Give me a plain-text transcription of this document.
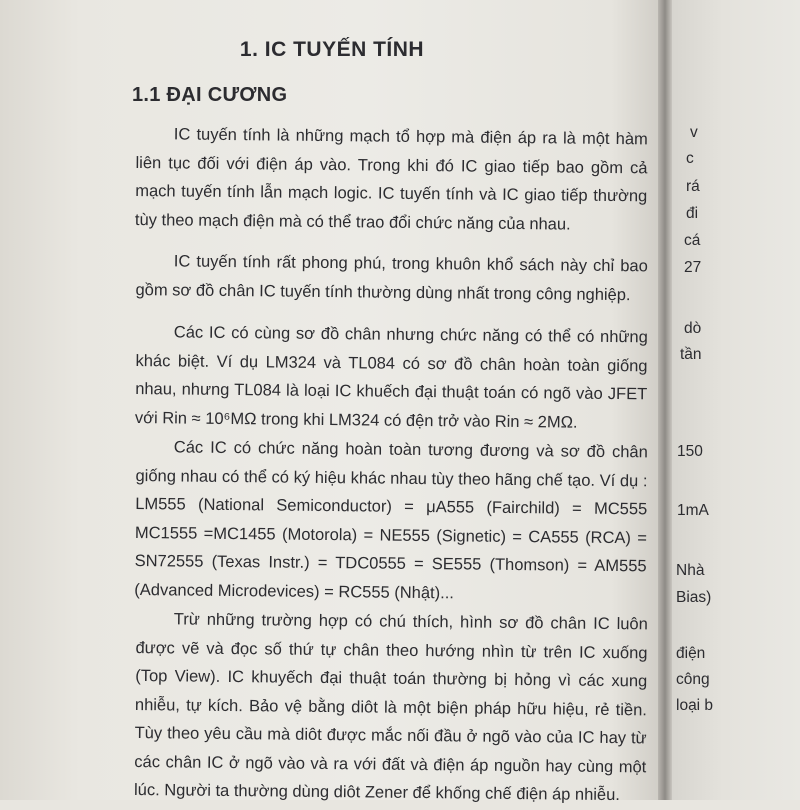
1. IC TUYẾN TÍNH
1.1 ĐẠI CƯƠNG

IC tuyến tính là những mạch tổ hợp mà điện áp ra là một hàm liên tục đối với điện áp vào. Trong khi đó IC giao tiếp bao gồm cả mạch tuyến tính lẫn mạch logic. IC tuyến tính và IC giao tiếp thường tùy theo mạch điện mà có thể trao đổi chức năng của nhau.

IC tuyến tính rất phong phú, trong khuôn khổ sách này chỉ bao gồm sơ đồ chân IC tuyến tính thường dùng nhất trong công nghiệp.

Các IC có cùng sơ đồ chân nhưng chức năng có thể có những khác biệt. Ví dụ LM324 và TL084 có sơ đồ chân hoàn toàn giống nhau, nhưng TL084 là loại IC khuếch đại thuật toán có ngõ vào JFET với Rin ≈ 10⁶MΩ trong khi LM324 có đện trở vào Rin ≈ 2MΩ.

Các IC có chức năng hoàn toàn tương đương và sơ đồ chân giống nhau có thể có ký hiệu khác nhau tùy theo hãng chế tạo. Ví dụ : LM555 (National Semiconductor) = μA555 (Fairchild) = MC555 MC1555 =MC1455 (Motorola) = NE555 (Signetic) = CA555 (RCA) = SN72555 (Texas Instr.) = TDC0555 = SE555 (Thomson) = AM555 (Advanced Microdevices) = RC555 (Nhật)...

Trừ những trường hợp có chú thích, hình sơ đồ chân IC luôn được vẽ và đọc số thứ tự chân theo hướng nhìn từ trên IC xuống (Top View). IC khuyếch đại thuật toán thường bị hỏng vì các xung nhiễu, tự kích. Bảo vệ bằng diôt là một biện pháp hữu hiệu, rẻ tiền. Tùy theo yêu cầu mà diôt được mắc nối đầu ở ngõ vào của IC hay từ các chân IC ở ngõ vào và ra với đất và điện áp nguồn hay cùng một lúc. Người ta thường dùng diôt Zener để khống chế điện áp nhiễu.

v
c
rá
đi
cá
27
dò
tần
150
1mA
Nhà
Bias)
điện
công
loại b
